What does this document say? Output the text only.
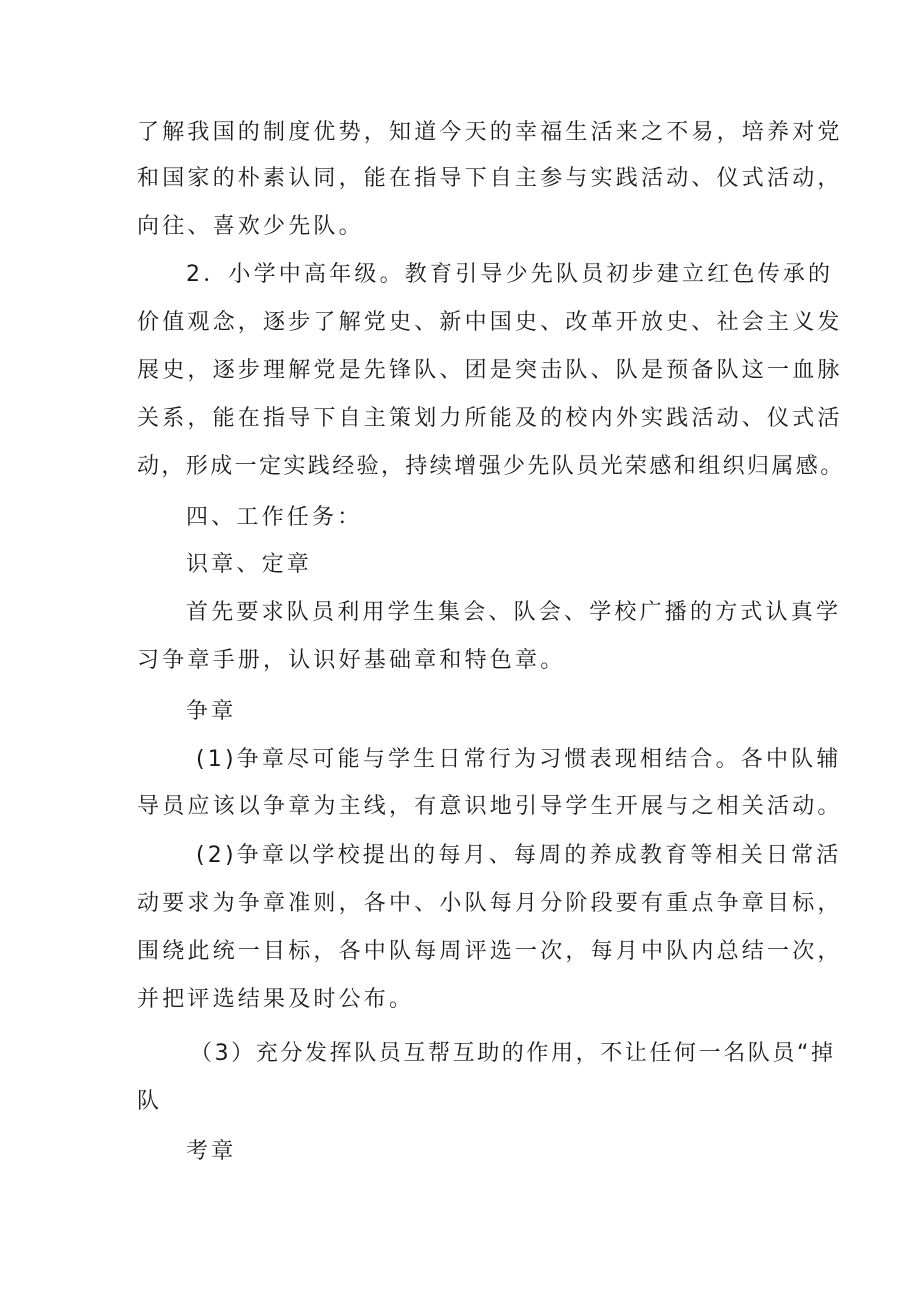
了解我国的制度优势，知道今天的幸福生活来之不易，培养对党
和国家的朴素认同，能在指导下自主参与实践活动、仪式活动，
向往、喜欢少先队。
2．小学中高年级。教育引导少先队员初步建立红色传承的
价值观念，逐步了解党史、新中国史、改革开放史、社会主义发
展史，逐步理解党是先锋队、团是突击队、队是预备队这一血脉
关系，能在指导下自主策划力所能及的校内外实践活动、仪式活
动，形成一定实践经验，持续增强少先队员光荣感和组织归属感。
四、工作任务：
识章、定章
首先要求队员利用学生集会、队会、学校广播的方式认真学
习争章手册，认识好基础章和特色章。
争章
(1)争章尽可能与学生日常行为习惯表现相结合。各中队辅
导员应该以争章为主线，有意识地引导学生开展与之相关活动。
(2)争章以学校提出的每月、每周的养成教育等相关日常活
动要求为争章准则，各中、小队每月分阶段要有重点争章目标，
围绕此统一目标，各中队每周评选一次，每月中队内总结一次，
并把评选结果及时公布。
（3）充分发挥队员互帮互助的作用，不让任何一名队员“掉
队
考章
